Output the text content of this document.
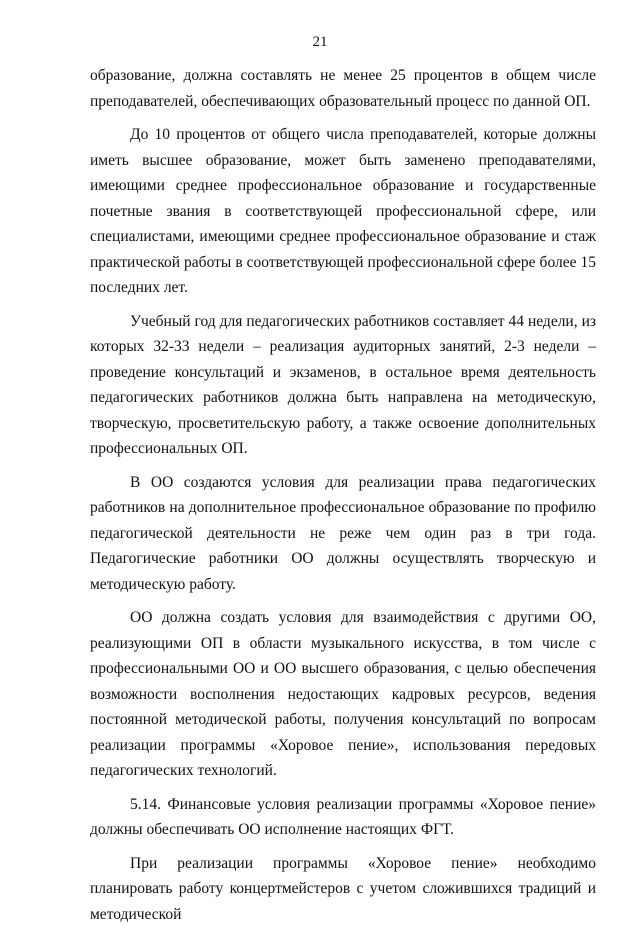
21

образование, должна составлять не менее 25 процентов в общем числе преподавателей, обеспечивающих образовательный процесс по данной ОП.

До 10 процентов от общего числа преподавателей, которые должны иметь высшее образование, может быть заменено преподавателями, имеющими среднее профессиональное образование и государственные почетные звания в соответствующей профессиональной сфере, или специалистами, имеющими среднее профессиональное образование и стаж практической работы в соответствующей профессиональной сфере более 15 последних лет.

Учебный год для педагогических работников составляет 44 недели, из которых 32-33 недели – реализация аудиторных занятий, 2-3 недели – проведение консультаций и экзаменов, в остальное время деятельность педагогических работников должна быть направлена на методическую, творческую, просветительскую работу, а также освоение дополнительных профессиональных ОП.

В ОО создаются условия для реализации права педагогических работников на дополнительное профессиональное образование по профилю педагогической деятельности не реже чем один раз в три года. Педагогические работники ОО должны осуществлять творческую и методическую работу.

ОО должна создать условия для взаимодействия с другими ОО, реализующими ОП в области музыкального искусства, в том числе с профессиональными ОО и ОО высшего образования, с целью обеспечения возможности восполнения недостающих кадровых ресурсов, ведения постоянной методической работы, получения консультаций по вопросам реализации программы «Хоровое пение», использования передовых педагогических технологий.

5.14. Финансовые условия реализации программы «Хоровое пение» должны обеспечивать ОО исполнение настоящих ФГТ.

При реализации программы «Хоровое пение» необходимо планировать работу концертмейстеров с учетом сложившихся традиций и методической
